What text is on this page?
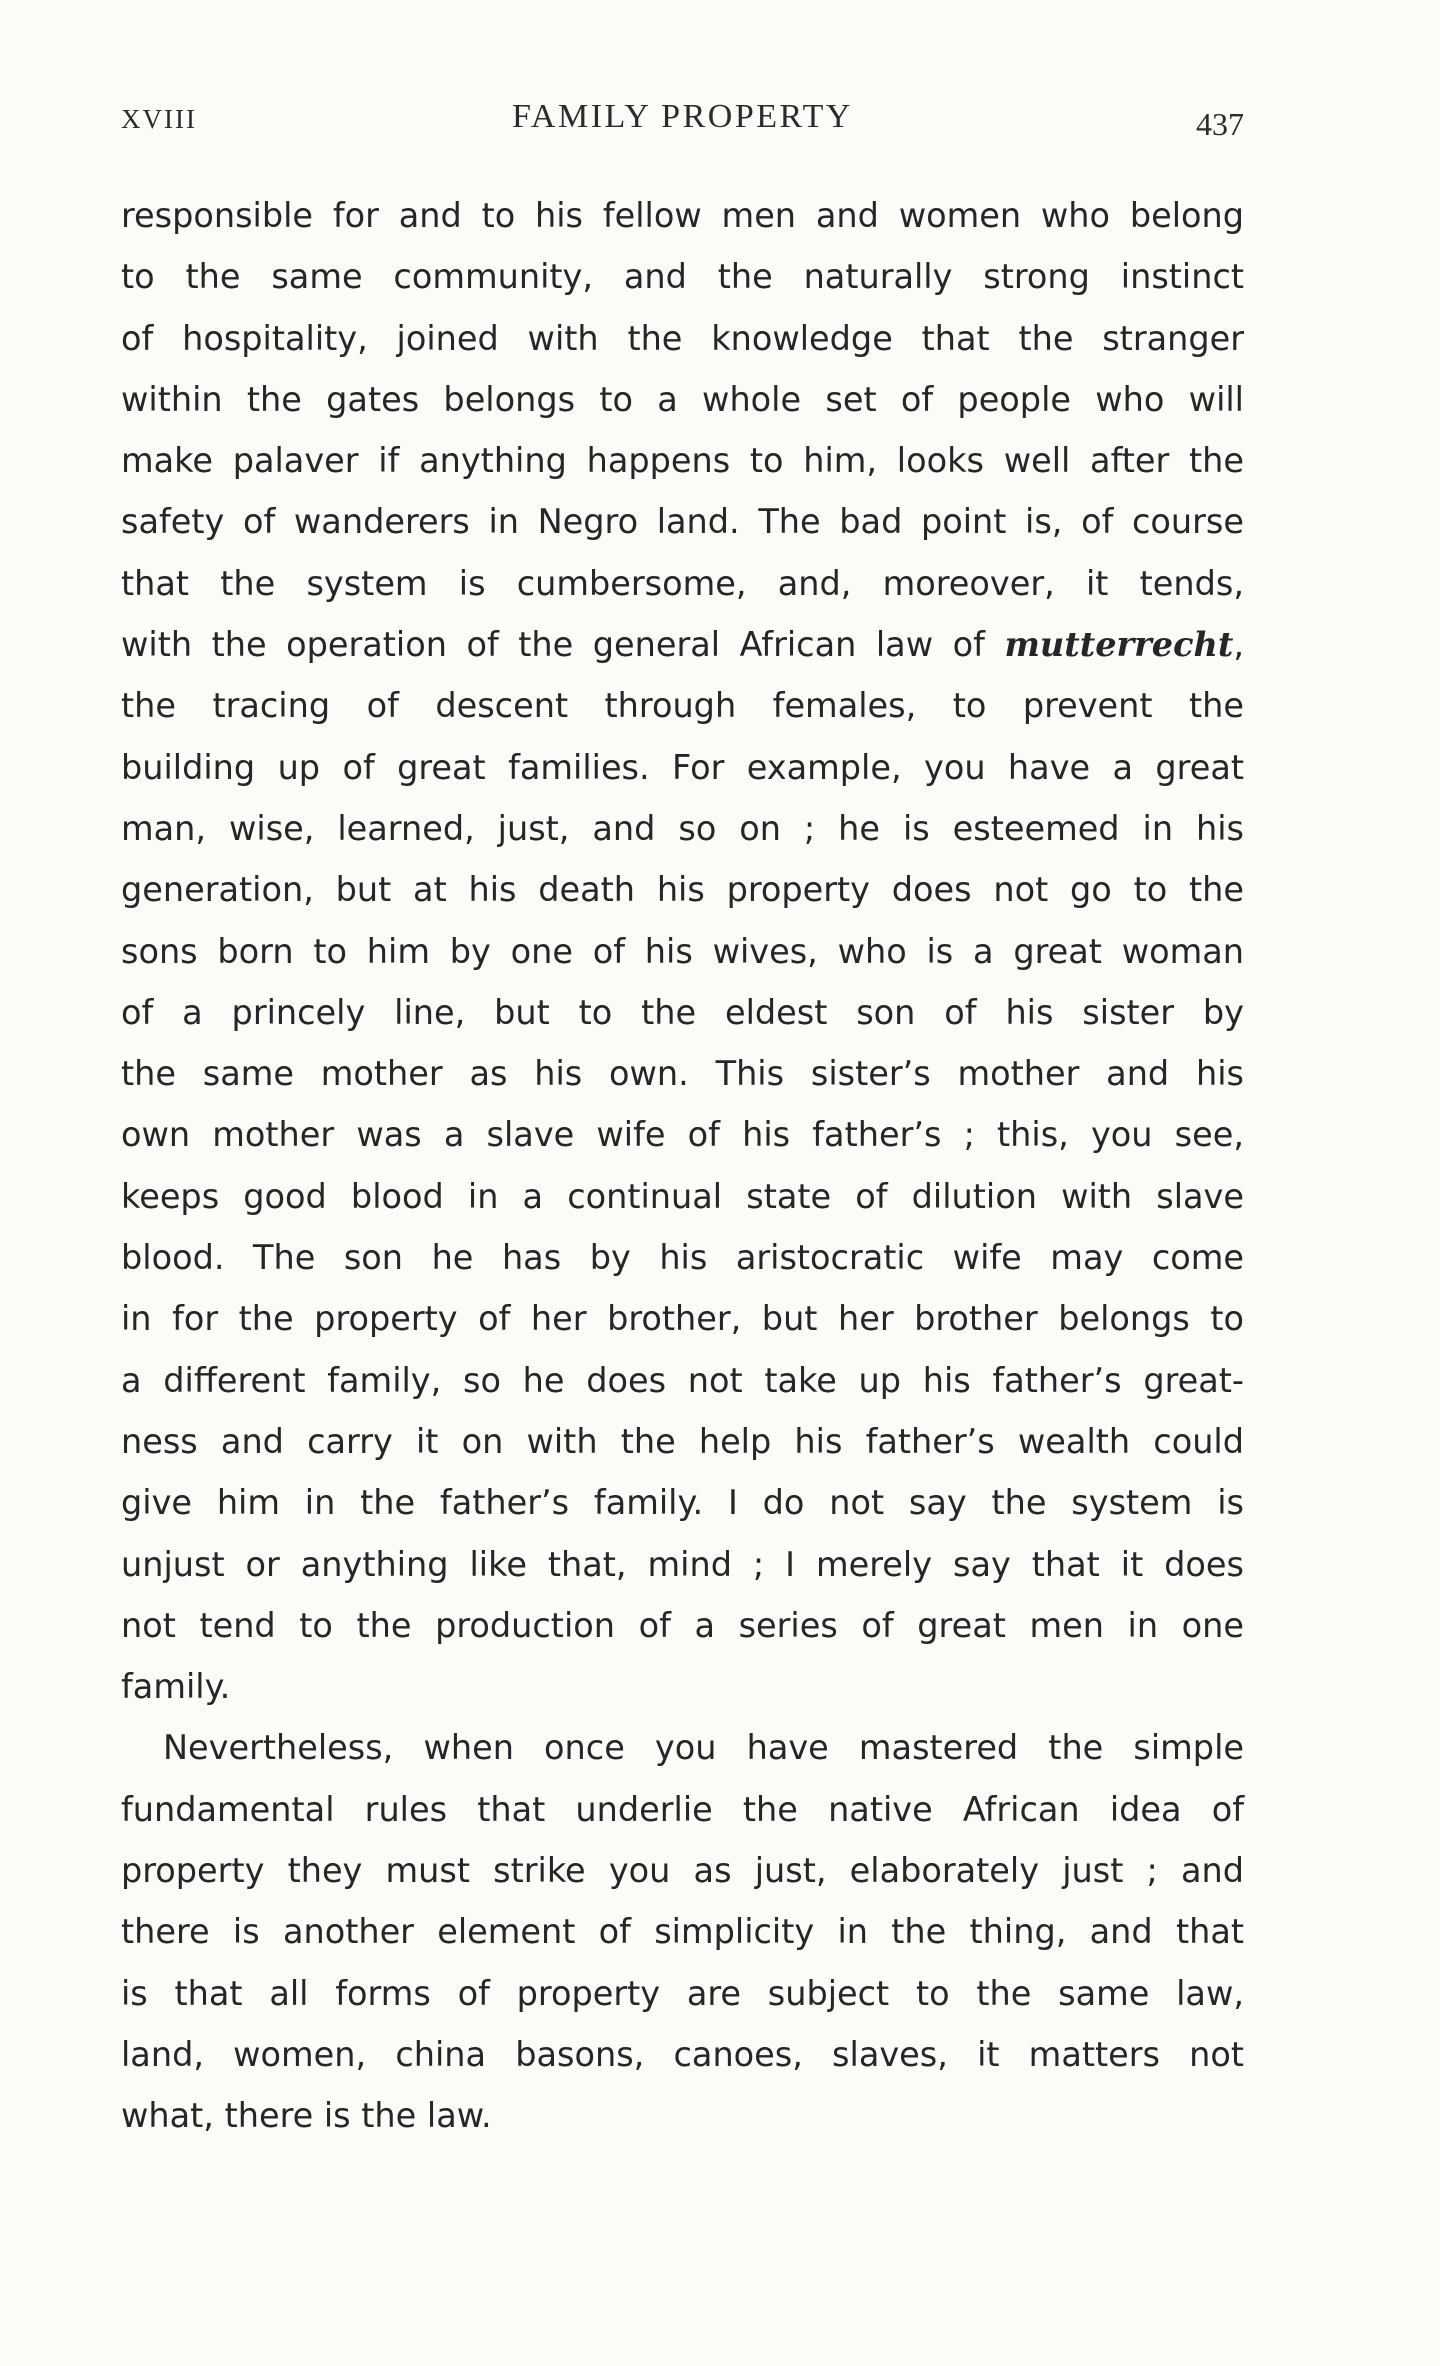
XVIII	FAMILY PROPERTY	437

responsible for and to his fellow men and women who belong
to the same community, and the naturally strong instinct
of hospitality, joined with the knowledge that the stranger
within the gates belongs to a whole set of people who will
make palaver if anything happens to him, looks well after the
safety of wanderers in Negro land. The bad point is, of course
that the system is cumbersome, and, moreover, it tends,
with the operation of the general African law of mutterrecht,
the tracing of descent through females, to prevent the
building up of great families. For example, you have a great
man, wise, learned, just, and so on ; he is esteemed in his
generation, but at his death his property does not go to the
sons born to him by one of his wives, who is a great woman
of a princely line, but to the eldest son of his sister by
the same mother as his own. This sister’s mother and his
own mother was a slave wife of his father’s ; this, you see,
keeps good blood in a continual state of dilution with slave
blood. The son he has by his aristocratic wife may come
in for the property of her brother, but her brother belongs to
a different family, so he does not take up his father’s great-
ness and carry it on with the help his father’s wealth could
give him in the father’s family. I do not say the system is
unjust or anything like that, mind ; I merely say that it does
not tend to the production of a series of great men in one
family.

Nevertheless, when once you have mastered the simple
fundamental rules that underlie the native African idea of
property they must strike you as just, elaborately just ; and
there is another element of simplicity in the thing, and that
is that all forms of property are subject to the same law,
land, women, china basons, canoes, slaves, it matters not
what, there is the law.
